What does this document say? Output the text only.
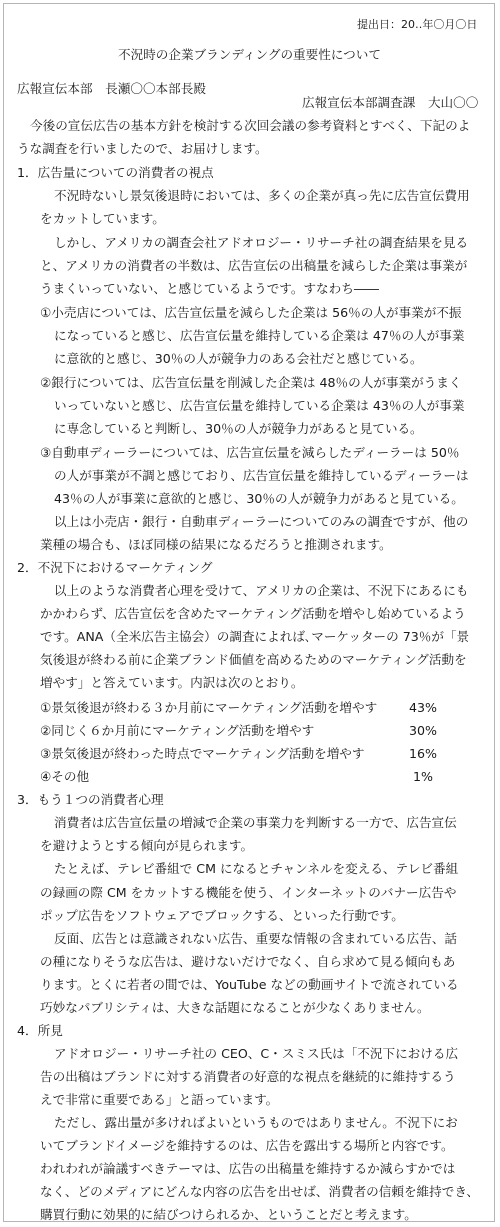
提出日：20‥年〇月〇日
不況時の企業ブランディングの重要性について
広報宣伝本部　長瀬〇〇本部長殿
広報宣伝本部調査課　大山〇〇
今後の宣伝広告の基本方針を検討する次回会議の参考資料とすべく、下記のよ
うな調査を行いましたので、お届けします。
1．広告量についての消費者の視点
不況時ないし景気後退時においては、多くの企業が真っ先に広告宣伝費用
をカットしています。
しかし、アメリカの調査会社アドオロジー・リサーチ社の調査結果を見る
と、アメリカの消費者の半数は、広告宣伝の出稿量を減らした企業は事業が
うまくいっていない、と感じているようです。すなわち――
①小売店については、広告宣伝量を減らした企業は 56％の人が事業が不振
になっていると感じ、広告宣伝量を維持している企業は 47％の人が事業
に意欲的と感じ、30％の人が競争力のある会社だと感じている。
②銀行については、広告宣伝量を削減した企業は 48％の人が事業がうまく
いっていないと感じ、広告宣伝量を維持している企業は 43％の人が事業
に専念していると判断し、30％の人が競争力があると見ている。
③自動車ディーラーについては、広告宣伝量を減らしたディーラーは 50％
の人が事業が不調と感じており、広告宣伝量を維持しているディーラーは
43％の人が事業に意欲的と感じ、30％の人が競争力があると見ている。
以上は小売店・銀行・自動車ディーラーについてのみの調査ですが、他の
業種の場合も、ほぼ同様の結果になるだろうと推測されます。
2．不況下におけるマーケティング
以上のような消費者心理を受けて、アメリカの企業は、不況下にあるにも
かかわらず、広告宣伝を含めたマーケティング活動を増やし始めているよう
です。ANA（全米広告主協会）の調査によれば､マーケッターの 73％が「景
気後退が終わる前に企業ブランド価値を高めるためのマーケティング活動を
増やす」と答えています。内訳は次のとおり。
①景気後退が終わる３か月前にマーケティング活動を増やす	43%
②同じく６か月前にマーケティング活動を増やす	30%
③景気後退が終わった時点でマーケティング活動を増やす	16%
④その他	1%
3．もう１つの消費者心理
消費者は広告宣伝量の増減で企業の事業力を判断する一方で、広告宣伝
を避けようとする傾向が見られます。
たとえば、テレビ番組で CM になるとチャンネルを変える、テレビ番組
の録画の際 CM をカットする機能を使う、インターネットのバナー広告や
ポップ広告をソフトウェアでブロックする、といった行動です。
反面、広告とは意識されない広告、重要な情報の含まれている広告、話
の種になりそうな広告は、避けないだけでなく、自ら求めて見る傾向もあ
ります。とくに若者の間では、YouTube などの動画サイトで流されている
巧妙なパブリシティは、大きな話題になることが少なくありません。
4．所見
アドオロジー・リサーチ社の CEO、C・スミス氏は「不況下における広
告の出稿はブランドに対する消費者の好意的な視点を継続的に維持するう
えで非常に重要である」と語っています。
ただし、露出量が多ければよいというものではありません。不況下にお
いてブランドイメージを維持するのは、広告を露出する場所と内容です。
われわれが論議すべきテーマは、広告の出稿量を維持するか減らすかでは
なく、どのメディアにどんな内容の広告を出せば、消費者の信頼を維持でき、
購買行動に効果的に結びつけられるか、ということだと考えます。
